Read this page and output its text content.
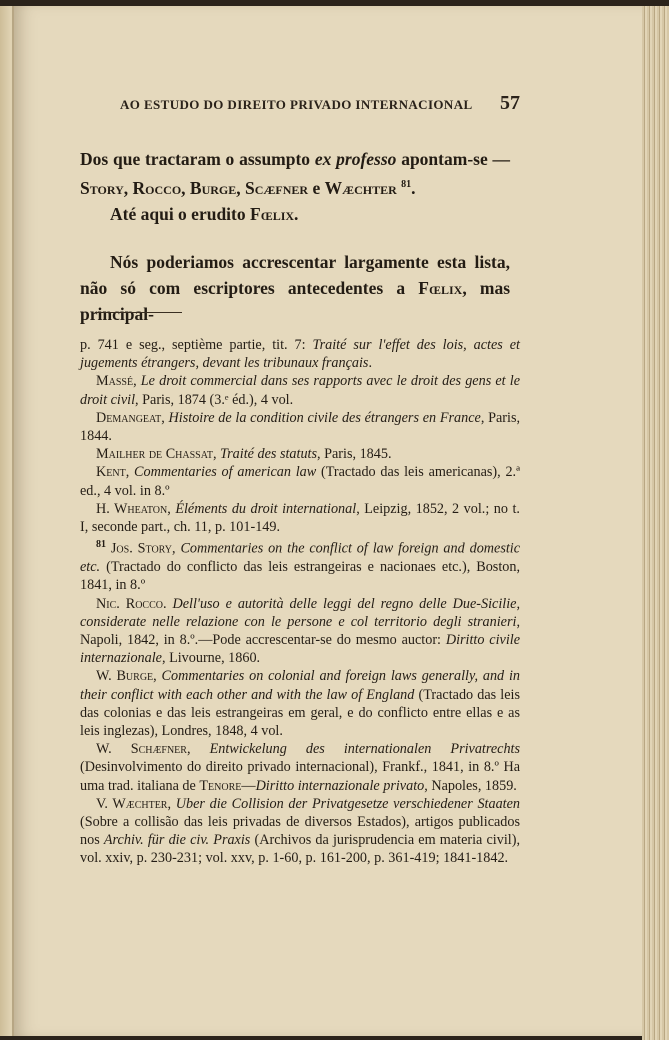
AO ESTUDO DO DIREITO PRIVADO INTERNACIONAL 57

Dos que tractaram o assumpto ex professo apontam-se — Story, Rocco, Burge, Scæfner e Wæchter $^{81}$.

Até aqui o erudito Fœlix.

Nós poderiamos accrescentar largamente esta lista, não só com escriptores antecedentes a Fœlix, mas principal-

p. 741 e seg., septième partie, tit. 7: Traité sur l'effet des lois, actes et jugements étrangers, devant les tribunaux français.

Massé, Le droit commercial dans ses rapports avec le droit des gens et le droit civil, Paris, 1874 (3.ᵉ éd.), 4 vol.

Demangeat, Histoire de la condition civile des étrangers en France, Paris, 1844.

Mailher de Chassat, Traité des statuts, Paris, 1845.

Kent, Commentaries of american law (Tractado das leis americanas), 2.ª ed., 4 vol. in 8.º

H. Wheaton, Éléments du droit international, Leipzig, 1852, 2 vol.; no t. I, seconde part., ch. 11, p. 101-149.

$^{81}$ Jos. Story, Commentaries on the conflict of law foreign and domestic etc. (Tractado do conflicto das leis estrangeiras e nacionaes etc.), Boston, 1841, in 8.º

Nic. Rocco. Dell'uso e autorità delle leggi del regno delle Due-Sicilie, considerate nelle relazione con le persone e col territorio degli stranieri, Napoli, 1842, in 8.º.—Pode accrescentar-se do mesmo auctor: Diritto civile internazionale, Livourne, 1860.

W. Burge, Commentaries on colonial and foreign laws generally, and in their conflict with each other and with the law of England (Tractado das leis das colonias e das leis estrangeiras em geral, e do conflicto entre ellas e as leis inglezas), Londres, 1848, 4 vol.

W. Schæfner, Entwickelung des internationalen Privatrechts (Desinvolvimento do direito privado internacional), Frankf., 1841, in 8.º Ha uma trad. italiana de Tenore—Diritto internazionale privato, Napoles, 1859.

V. Wæchter, Uber die Collision der Privatgesetze verschiedener Staaten (Sobre a collisão das leis privadas de diversos Estados), artigos publicados nos Archiv. für die civ. Praxis (Archivos da jurisprudencia em materia civil), vol. xxiv, p. 230-231; vol. xxv, p. 1-60, p. 161-200, p. 361-419; 1841-1842.
